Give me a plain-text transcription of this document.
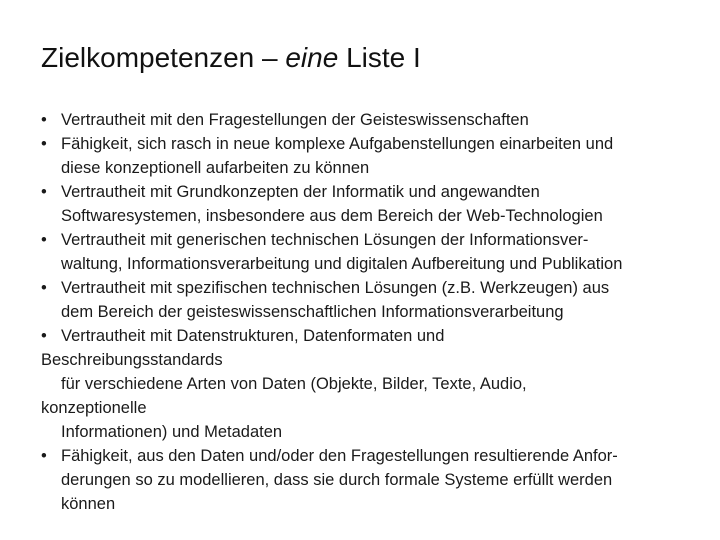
Zielkompetenzen – eine Liste I
• Vertrautheit mit den Fragestellungen der Geisteswissenschaften
• Fähigkeit, sich rasch in neue komplexe Aufgabenstellungen einarbeiten und
diese konzeptionell aufarbeiten zu können
• Vertrautheit mit Grundkonzepten der Informatik und angewandten
Softwaresystemen, insbesondere aus dem Bereich der Web-Technologien
• Vertrautheit mit generischen technischen Lösungen der Informationsver-
waltung, Informationsverarbeitung und digitalen Aufbereitung und Publikation
• Vertrautheit mit spezifischen technischen Lösungen (z.B. Werkzeugen) aus
dem Bereich der geisteswissenschaftlichen Informationsverarbeitung
• Vertrautheit mit Datenstrukturen, Datenformaten und
Beschreibungsstandards
für verschiedene Arten von Daten (Objekte, Bilder, Texte, Audio,
konzeptionelle
Informationen) und Metadaten
• Fähigkeit, aus den Daten und/oder den Fragestellungen resultierende Anfor-
derungen so zu modellieren, dass sie durch formale Systeme erfüllt werden
können
